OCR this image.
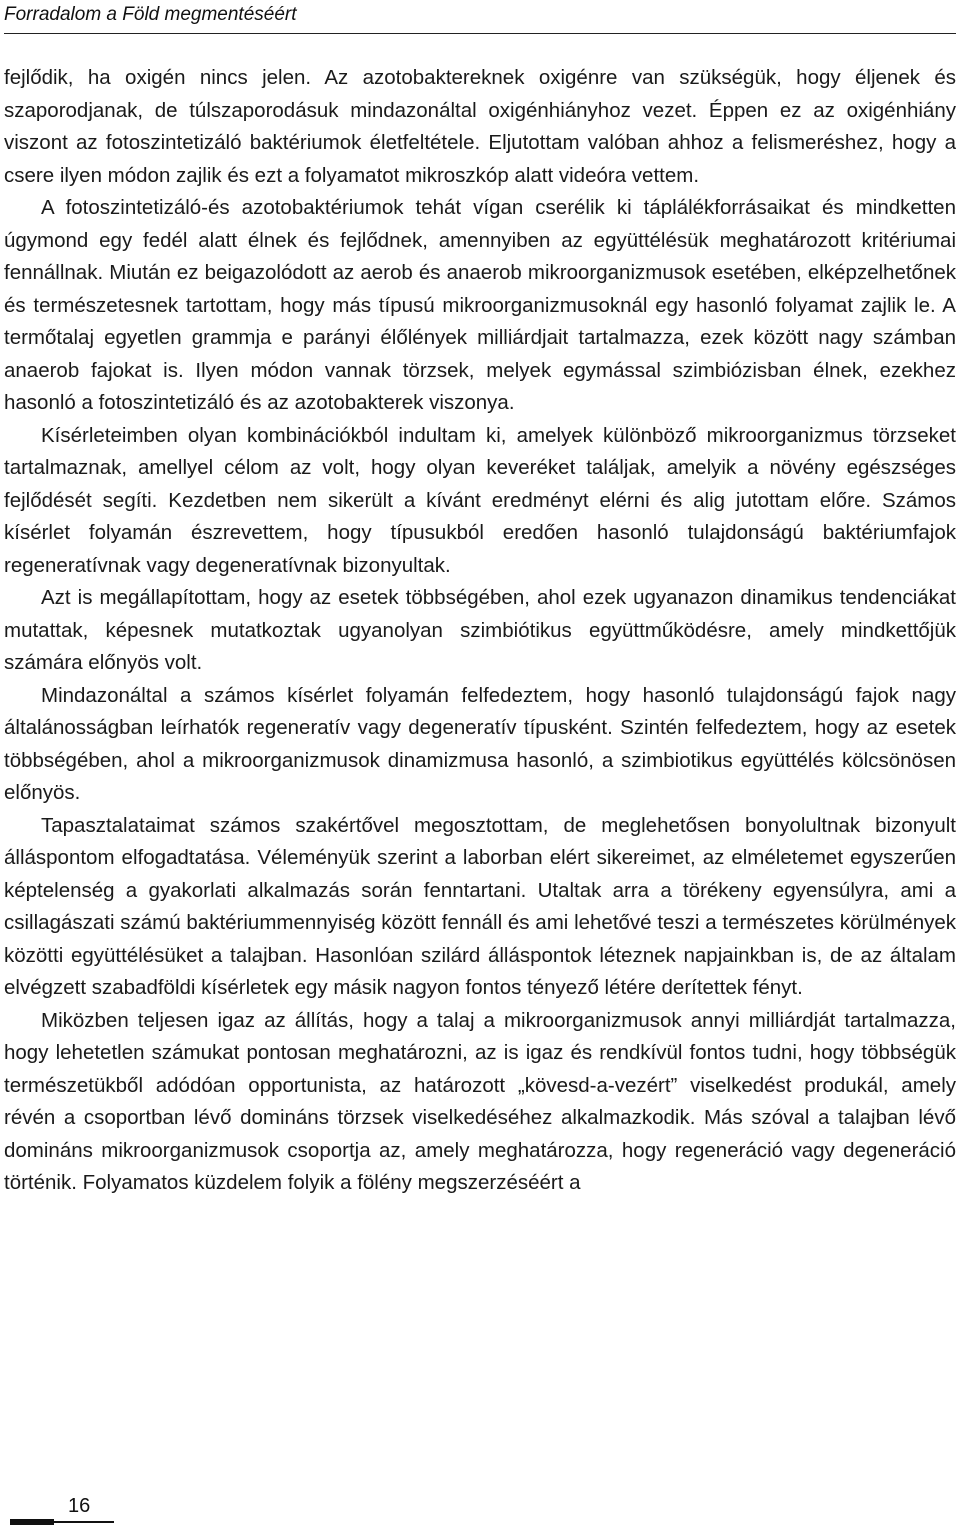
Forradalom a Föld megmentéséért

fejlődik, ha oxigén nincs jelen. Az azotobaktereknek oxigénre van szükségük, hogy éljenek és szaporodjanak, de túlszaporodásuk mindazonáltal oxigénhiányhoz vezet. Éppen ez az oxigénhiány viszont az fotoszintetizáló baktériumok életfeltétele. Eljutottam valóban ahhoz a felismeréshez, hogy a csere ilyen módon zajlik és ezt a folyamatot mikroszkóp alatt videóra vettem.

A fotoszintetizáló-és azotobaktériumok tehát vígan cserélik ki táplálékforrásaikat és mindketten úgymond egy fedél alatt élnek és fejlődnek, amennyiben az együttélésük meghatározott kritériumai fennállnak. Miután ez beigazolódott az aerob és anaerob mikroorganizmusok esetében, elképzelhetőnek és természetesnek tartottam, hogy más típusú mikroorganizmusoknál egy hasonló folyamat zajlik le. A termőtalaj egyetlen grammja e parányi élőlények milliárdjait tartalmazza, ezek között nagy számban anaerob fajokat is. Ilyen módon vannak törzsek, melyek egymással szimbiózisban élnek, ezekhez hasonló a fotoszintetizáló és az azotobakterek viszonya.

Kísérleteimben olyan kombinációkból indultam ki, amelyek különböző mikroorganizmus törzseket tartalmaznak, amellyel célom az volt, hogy olyan keveréket találjak, amelyik a növény egészséges fejlődését segíti. Kezdetben nem sikerült a kívánt eredményt elérni és alig jutottam előre. Számos kísérlet folyamán észrevettem, hogy típusukból eredően hasonló tulajdonságú baktériumfajok regeneratívnak vagy degeneratívnak bizonyultak.

Azt is megállapítottam, hogy az esetek többségében, ahol ezek ugyanazon dinamikus tendenciákat mutattak, képesnek mutatkoztak ugyanolyan szimbiótikus együttműködésre, amely mindkettőjük számára előnyös volt.

Mindazonáltal a számos kísérlet folyamán felfedeztem, hogy hasonló tulajdonságú fajok nagy általánosságban leírhatók regeneratív vagy degeneratív típusként. Szintén felfedeztem, hogy az esetek többségében, ahol a mikroorganizmusok dinamizmusa hasonló, a szimbiotikus együttélés kölcsönösen előnyös.

Tapasztalataimat számos szakértővel megosztottam, de meglehetősen bonyolultnak bizonyult álláspontom elfogadtatása. Véleményük szerint a laborban elért sikereimet, az elméletemet egyszerűen képtelenség a gyakorlati alkalmazás során fenntartani. Utaltak arra a törékeny egyensúlyra, ami a csillagászati számú baktériummennyiség között fennáll és ami lehetővé teszi a természetes körülmények közötti együttélésüket a talajban. Hasonlóan szilárd álláspontok léteznek napjainkban is, de az általam elvégzett szabadföldi kísérletek egy másik nagyon fontos tényező létére derítettek fényt.

Miközben teljesen igaz az állítás, hogy a talaj a mikroorganizmusok annyi milliárdját tartalmazza, hogy lehetetlen számukat pontosan meghatározni, az is igaz és rendkívül fontos tudni, hogy többségük természetükből adódóan opportunista, az határozott „kövesd-a-vezért” viselkedést produkál, amely révén a csoportban lévő domináns törzsek viselkedéséhez alkalmazkodik. Más szóval a talajban lévő domináns mikroorganizmusok csoportja az, amely meghatározza, hogy regeneráció vagy degeneráció történik. Folyamatos küzdelem folyik a fölény megszerzéséért a

16
